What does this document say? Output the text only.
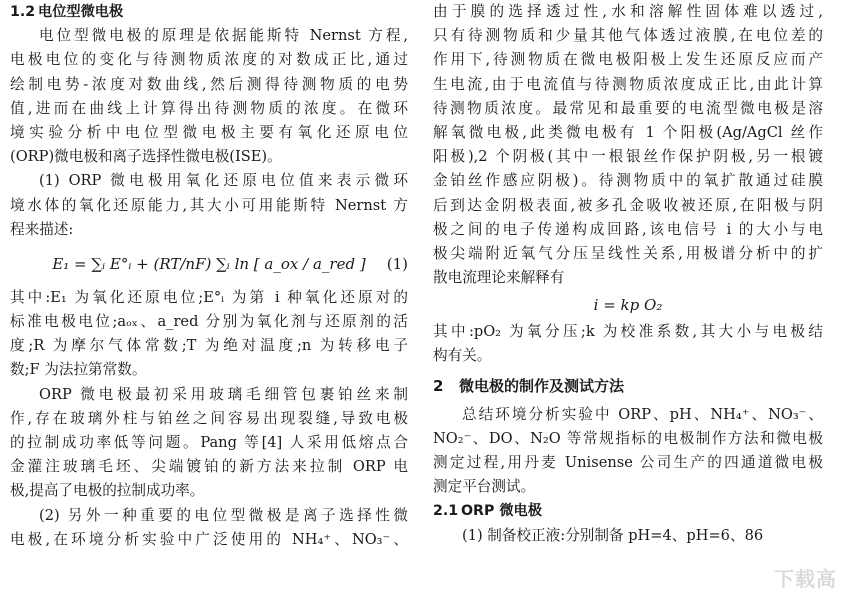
1.2 电位型微电极
电位型微电极的原理是依据能斯特 Nernst 方程,
电极电位的变化与待测物质浓度的对数成正比,通过
绘制电势-浓度对数曲线,然后测得待测物质的电势
值,进而在曲线上计算得出待测物质的浓度。在微环
境实验分析中电位型微电极主要有氧化还原电位
(ORP)微电极和离子选择性微电极(ISE)。
(1) ORP 微电极用氧化还原电位值来表示微环
境水体的氧化还原能力,其大小可用能斯特 Nernst 方
程来描述:
E₁ = ∑ᵢ E°ᵢ + (RT/nF) ∑ᵢ ln [ a_ox / a_red ] (1)
其中:E₁ 为氧化还原电位;E°ᵢ 为第 i 种氧化还原对的
标准电极电位;aₒₓ、a_red 分别为氧化剂与还原剂的活
度;R 为摩尔气体常数;T 为绝对温度;n 为转移电子
数;F 为法拉第常数。
ORP 微电极最初采用玻璃毛细管包裹铂丝来制
作,存在玻璃外柱与铂丝之间容易出现裂缝,导致电极
的拉制成功率低等问题。Pang 等[4] 人采用低熔点合
金灌注玻璃毛坯、尖端镀铂的新方法来拉制 ORP 电
极,提高了电极的拉制成功率。
(2) 另外一种重要的电位型微极是离子选择性微
电极,在环境分析实验中广泛使用的 NH₄⁺、NO₃⁻、
由于膜的选择透过性,水和溶解性固体难以透过,
只有待测物质和少量其他气体透过液膜,在电位差的
作用下,待测物质在微电极阳极上发生还原反应而产
生电流,由于电流值与待测物质浓度成正比,由此计算
待测物质浓度。最常见和最重要的电流型微电极是溶
解氧微电极,此类微电极有 1 个阳极(Ag/AgCl 丝作
阳极),2 个阴极(其中一根银丝作保护阴极,另一根镀
金铂丝作感应阴极)。待测物质中的氧扩散通过硅膜
后到达金阴极表面,被多孔金吸收被还原,在阳极与阴
极之间的电子传递构成回路,该电信号 i 的大小与电
极尖端附近氧气分压呈线性关系,用极谱分析中的扩
散电流理论来解释有
i = kp O₂
其中:pO₂ 为氧分压;k 为校准系数,其大小与电极结
构有关。
2 微电极的制作及测试方法
总结环境分析实验中 ORP、pH、NH₄⁺、NO₃⁻、
NO₂⁻、DO、N₂O 等常规指标的电极制作方法和微电极
测定过程,用丹麦 Unisense 公司生产的四通道微电极
测定平台测试。
2.1 ORP 微电极
(1) 制备校正液:分别制备 pH=4、pH=6、86
下载高
